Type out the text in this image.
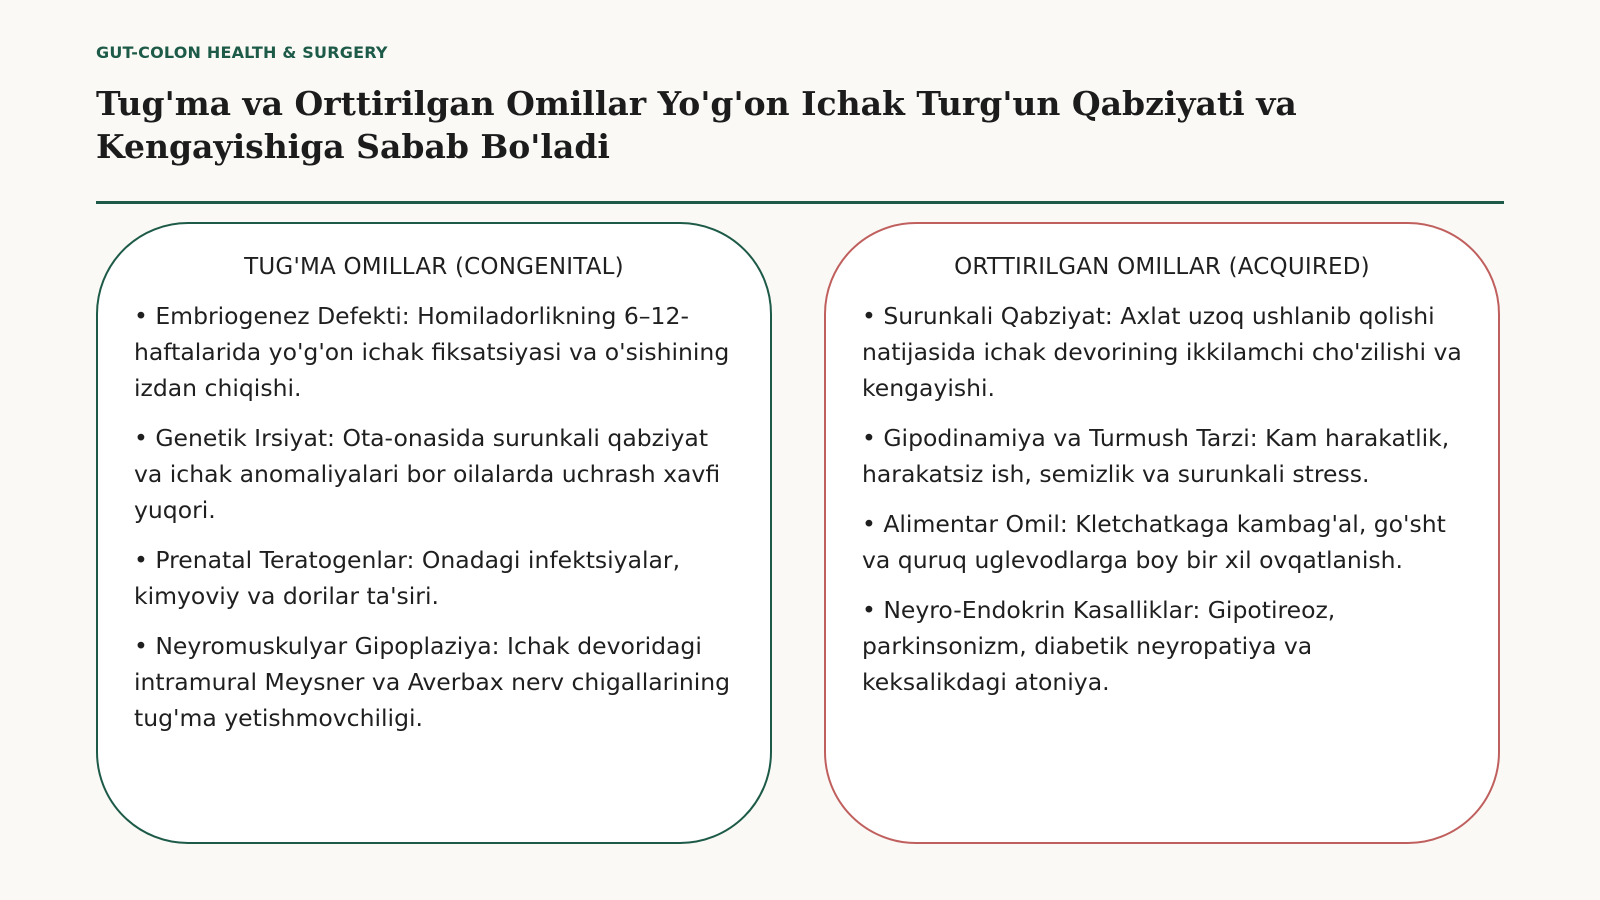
GUT-COLON HEALTH & SURGERY
Tug'ma va Orttirilgan Omillar Yo'g'on Ichak Turg'un Qabziyati va Kengayishiga Sabab Bo'ladi
TUG'MA OMILLAR (CONGENITAL)

• Embriogenez Defekti: Homiladorlikning 6–12-haftalarida yo'g'on ichak fiksatsiyasi va o'sishining izdan chiqishi.

• Genetik Irsiyat: Ota-onasida surunkali qabziyat va ichak anomaliyalari bor oilalarda uchrash xavfi yuqori.

• Prenatal Teratogenlar: Onadagi infektsiyalar, kimyoviy va dorilar ta'siri.

• Neyromuskulyar Gipoplaziya: Ichak devoridagi intramural Meysner va Averbax nerv chigallarining tug'ma yetishmovchiligi.

ORTTIRILGAN OMILLAR (ACQUIRED)

• Surunkali Qabziyat: Axlat uzoq ushlanib qolishi natijasida ichak devorining ikkilamchi cho'zilishi va kengayishi.

• Gipodinamiya va Turmush Tarzi: Kam harakatlik, harakatsiz ish, semizlik va surunkali stress.

• Alimentar Omil: Kletchatkaga kambag'al, go'sht va quruq uglevodlarga boy bir xil ovqatlanish.

• Neyro-Endokrin Kasalliklar: Gipotireoz, parkinsonizm, diabetik neyropatiya va keksalikdagi atoniya.
